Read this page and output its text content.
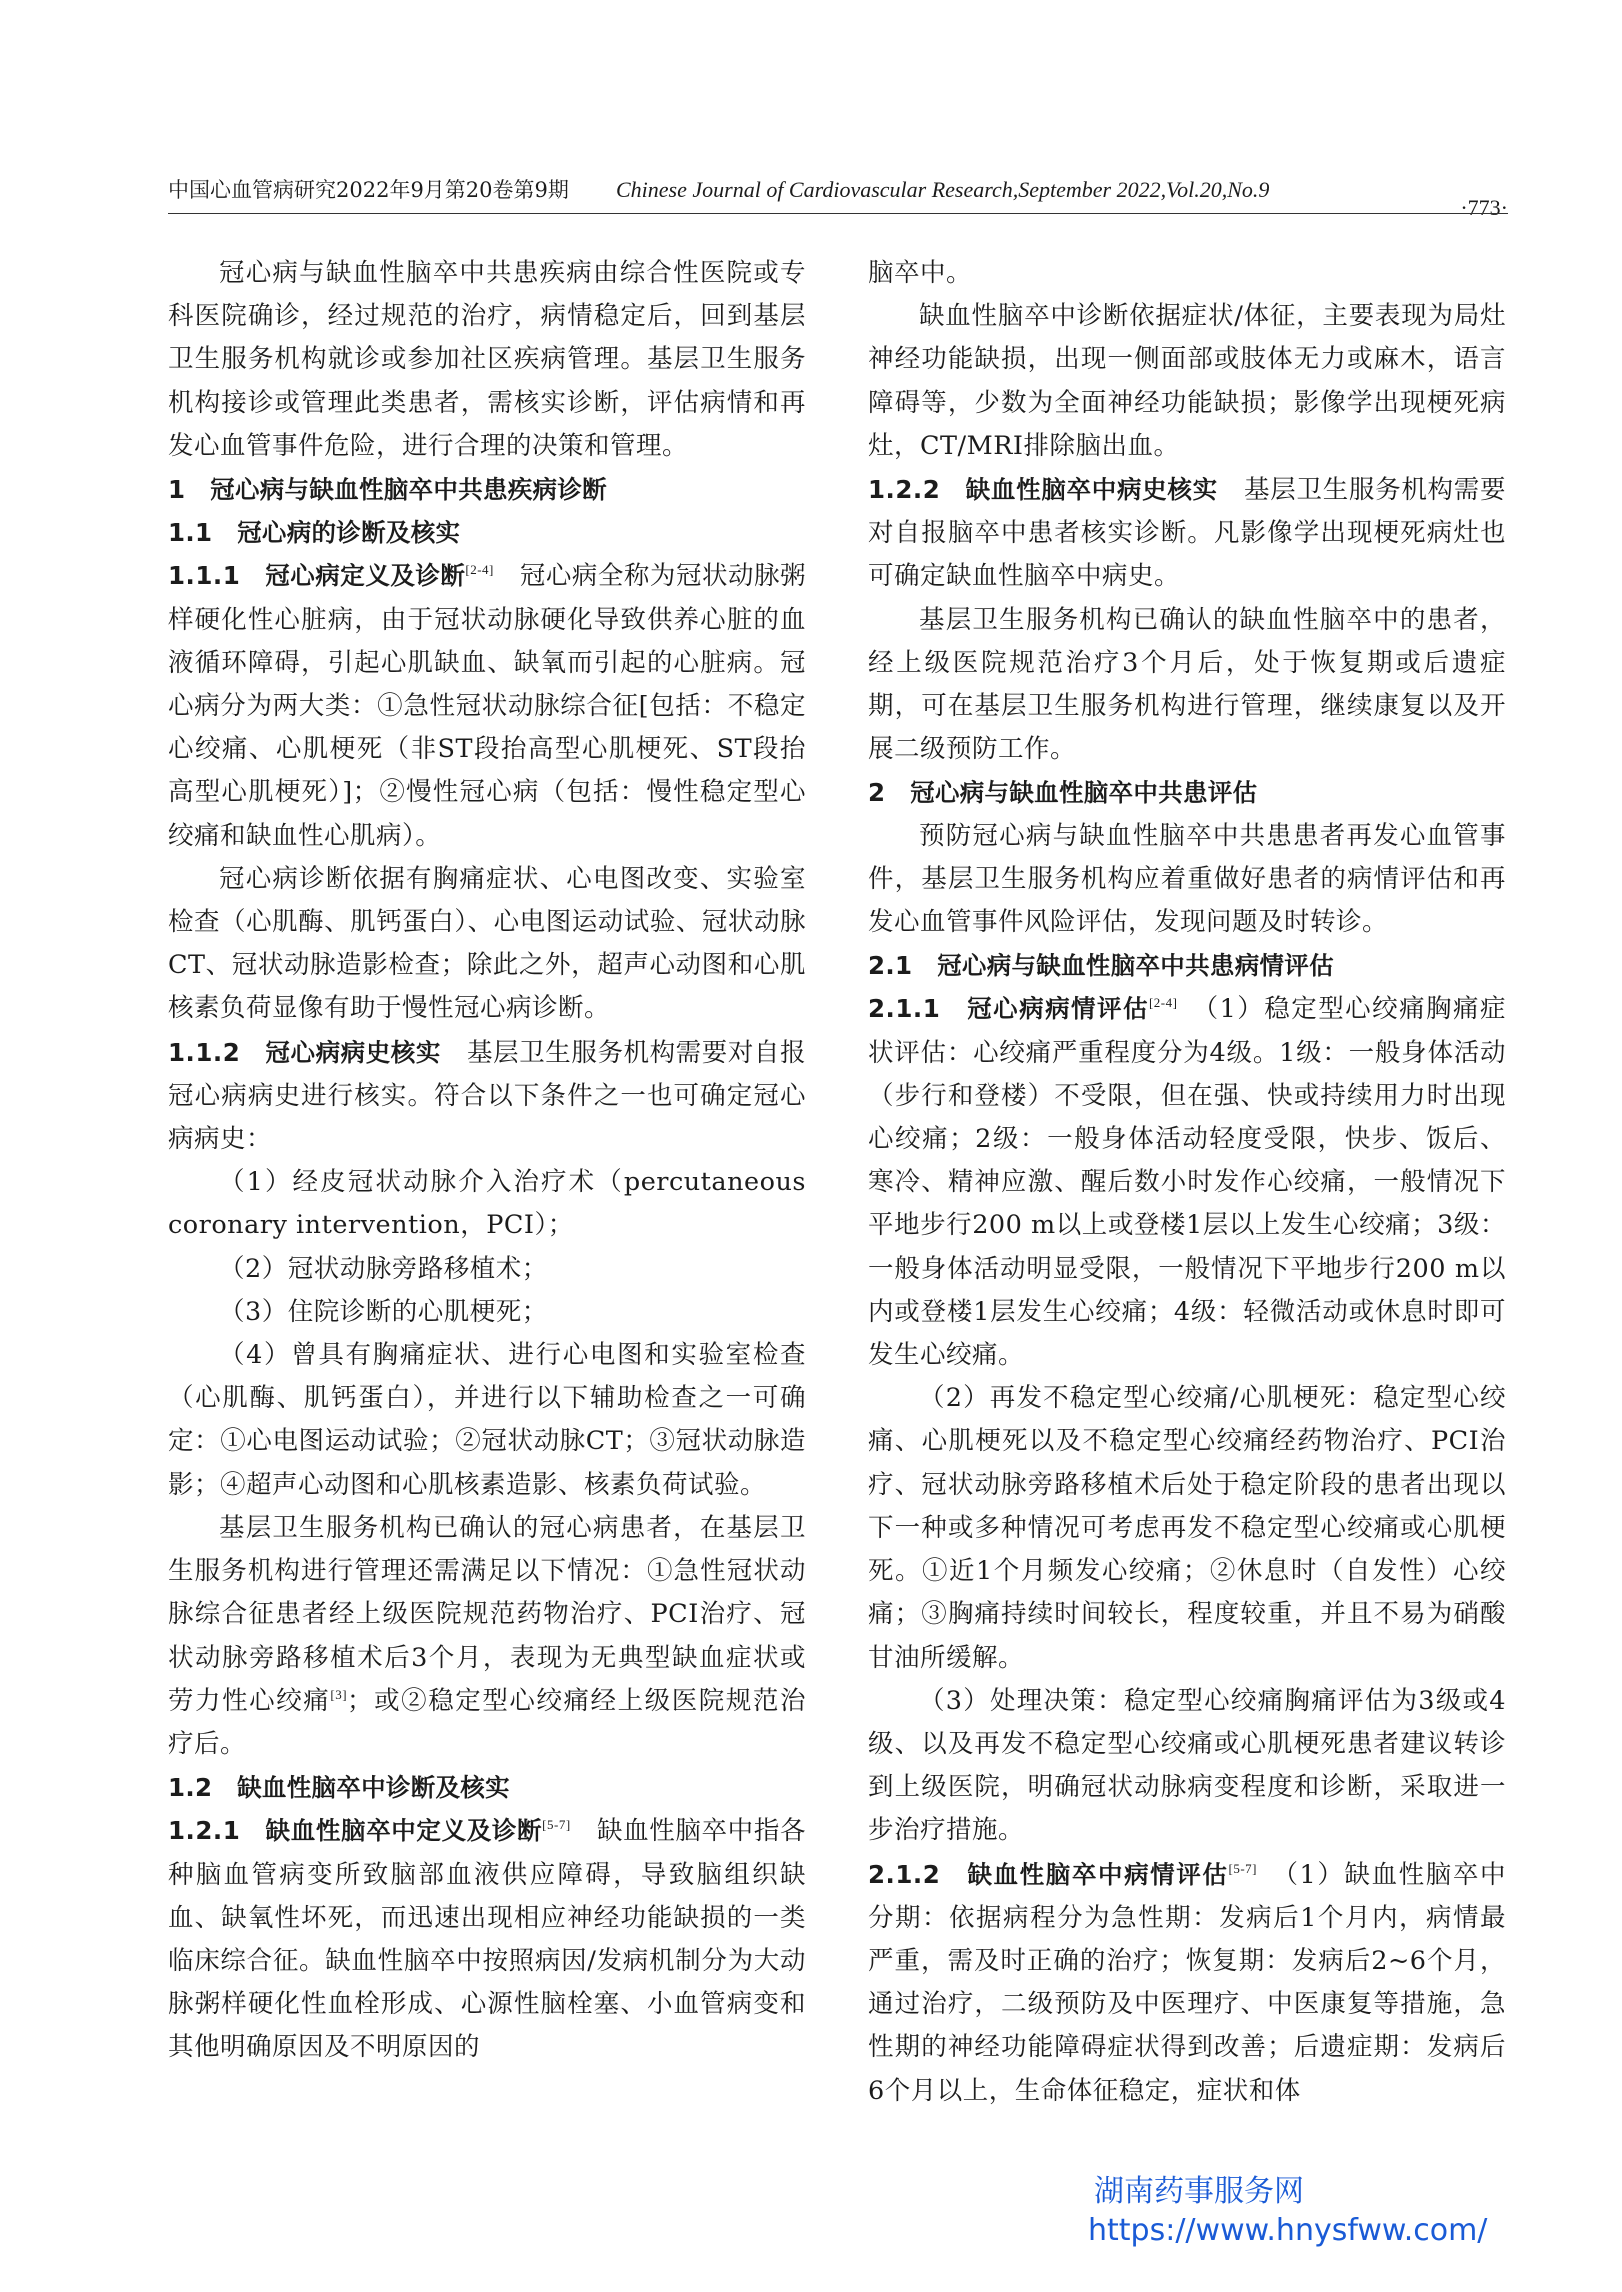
中国心血管病研究2022年9月第20卷第9期 Chinese Journal of Cardiovascular Research,September 2022,Vol.20,No.9
·773·

冠心病与缺血性脑卒中共患疾病由综合性医院或专科医院确诊，经过规范的治疗，病情稳定后，回到基层卫生服务机构就诊或参加社区疾病管理。基层卫生服务机构接诊或管理此类患者，需核实诊断，评估病情和再发心血管事件危险，进行合理的决策和管理。

1　冠心病与缺血性脑卒中共患疾病诊断

1.1　冠心病的诊断及核实

1.1.1　冠心病定义及诊断[2-4]　冠心病全称为冠状动脉粥样硬化性心脏病，由于冠状动脉硬化导致供养心脏的血液循环障碍，引起心肌缺血、缺氧而引起的心脏病。冠心病分为两大类：①急性冠状动脉综合征[包括：不稳定心绞痛、心肌梗死（非ST段抬高型心肌梗死、ST段抬高型心肌梗死）]；②慢性冠心病（包括：慢性稳定型心绞痛和缺血性心肌病）。

冠心病诊断依据有胸痛症状、心电图改变、实验室检查（心肌酶、肌钙蛋白）、心电图运动试验、冠状动脉CT、冠状动脉造影检查；除此之外，超声心动图和心肌核素负荷显像有助于慢性冠心病诊断。

1.1.2　冠心病病史核实　基层卫生服务机构需要对自报冠心病病史进行核实。符合以下条件之一也可确定冠心病病史：

（1）经皮冠状动脉介入治疗术（percutaneous coronary intervention，PCI）；

（2）冠状动脉旁路移植术；

（3）住院诊断的心肌梗死；

（4）曾具有胸痛症状、进行心电图和实验室检查（心肌酶、肌钙蛋白），并进行以下辅助检查之一可确定：①心电图运动试验；②冠状动脉CT；③冠状动脉造影；④超声心动图和心肌核素造影、核素负荷试验。

基层卫生服务机构已确认的冠心病患者，在基层卫生服务机构进行管理还需满足以下情况：①急性冠状动脉综合征患者经上级医院规范药物治疗、PCI治疗、冠状动脉旁路移植术后3个月，表现为无典型缺血症状或劳力性心绞痛[3]；或②稳定型心绞痛经上级医院规范治疗后。

1.2　缺血性脑卒中诊断及核实

1.2.1　缺血性脑卒中定义及诊断[5-7]　缺血性脑卒中指各种脑血管病变所致脑部血液供应障碍，导致脑组织缺血、缺氧性坏死，而迅速出现相应神经功能缺损的一类临床综合征。缺血性脑卒中按照病因/发病机制分为大动脉粥样硬化性血栓形成、心源性脑栓塞、小血管病变和其他明确原因及不明原因的

脑卒中。

缺血性脑卒中诊断依据症状/体征，主要表现为局灶神经功能缺损，出现一侧面部或肢体无力或麻木，语言障碍等，少数为全面神经功能缺损；影像学出现梗死病灶，CT/MRI排除脑出血。

1.2.2　缺血性脑卒中病史核实　基层卫生服务机构需要对自报脑卒中患者核实诊断。凡影像学出现梗死病灶也可确定缺血性脑卒中病史。

基层卫生服务机构已确认的缺血性脑卒中的患者，经上级医院规范治疗3个月后，处于恢复期或后遗症期，可在基层卫生服务机构进行管理，继续康复以及开展二级预防工作。

2　冠心病与缺血性脑卒中共患评估

预防冠心病与缺血性脑卒中共患患者再发心血管事件，基层卫生服务机构应着重做好患者的病情评估和再发心血管事件风险评估，发现问题及时转诊。

2.1　冠心病与缺血性脑卒中共患病情评估

2.1.1　冠心病病情评估[2-4]　（1）稳定型心绞痛胸痛症状评估：心绞痛严重程度分为4级。1级：一般身体活动（步行和登楼）不受限，但在强、快或持续用力时出现心绞痛；2级：一般身体活动轻度受限，快步、饭后、寒冷、精神应激、醒后数小时发作心绞痛，一般情况下平地步行200 m以上或登楼1层以上发生心绞痛；3级：一般身体活动明显受限，一般情况下平地步行200 m以内或登楼1层发生心绞痛；4级：轻微活动或休息时即可发生心绞痛。

（2）再发不稳定型心绞痛/心肌梗死：稳定型心绞痛、心肌梗死以及不稳定型心绞痛经药物治疗、PCI治疗、冠状动脉旁路移植术后处于稳定阶段的患者出现以下一种或多种情况可考虑再发不稳定型心绞痛或心肌梗死。①近1个月频发心绞痛；②休息时（自发性）心绞痛；③胸痛持续时间较长，程度较重，并且不易为硝酸甘油所缓解。

（3）处理决策：稳定型心绞痛胸痛评估为3级或4级、以及再发不稳定型心绞痛或心肌梗死患者建议转诊到上级医院，明确冠状动脉病变程度和诊断，采取进一步治疗措施。

2.1.2　缺血性脑卒中病情评估[5-7]　（1）缺血性脑卒中分期：依据病程分为急性期：发病后1个月内，病情最严重，需及时正确的治疗；恢复期：发病后2~6个月，通过治疗，二级预防及中医理疗、中医康复等措施，急性期的神经功能障碍症状得到改善；后遗症期：发病后6个月以上，生命体征稳定，症状和体

湖南药事服务网
https://www.hnysfww.com/
